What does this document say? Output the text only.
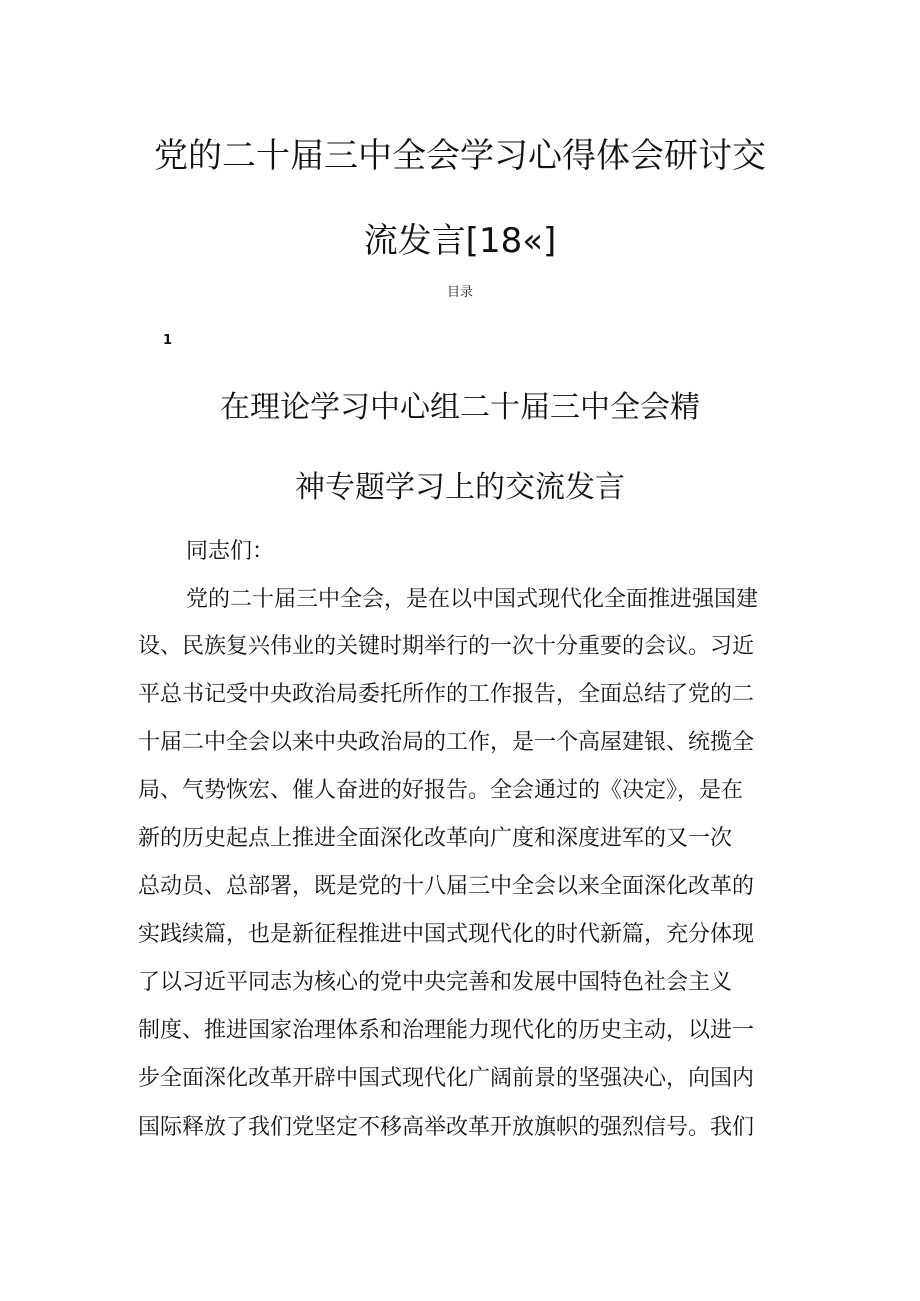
党的二十届三中全会学习心得体会研讨交
流发言[18«]
目录
1
在理论学习中心组二十届三中全会精
神专题学习上的交流发言
同志们：
党的二十届三中全会，是在以中国式现代化全面推进强国建
设、民族复兴伟业的关键时期举行的一次十分重要的会议。习近
平总书记受中央政治局委托所作的工作报告，全面总结了党的二
十届二中全会以来中央政治局的工作，是一个高屋建银、统揽全
局、气势恢宏、催人奋进的好报告。全会通过的《决定》，是在
新的历史起点上推进全面深化改革向广度和深度进军的又一次
总动员、总部署，既是党的十八届三中全会以来全面深化改革的
实践续篇，也是新征程推进中国式现代化的时代新篇，充分体现
了以习近平同志为核心的党中央完善和发展中国特色社会主义
制度、推进国家治理体系和治理能力现代化的历史主动，以进一
步全面深化改革开辟中国式现代化广阔前景的坚强决心，向国内
国际释放了我们党坚定不移高举改革开放旗帜的强烈信号。我们
